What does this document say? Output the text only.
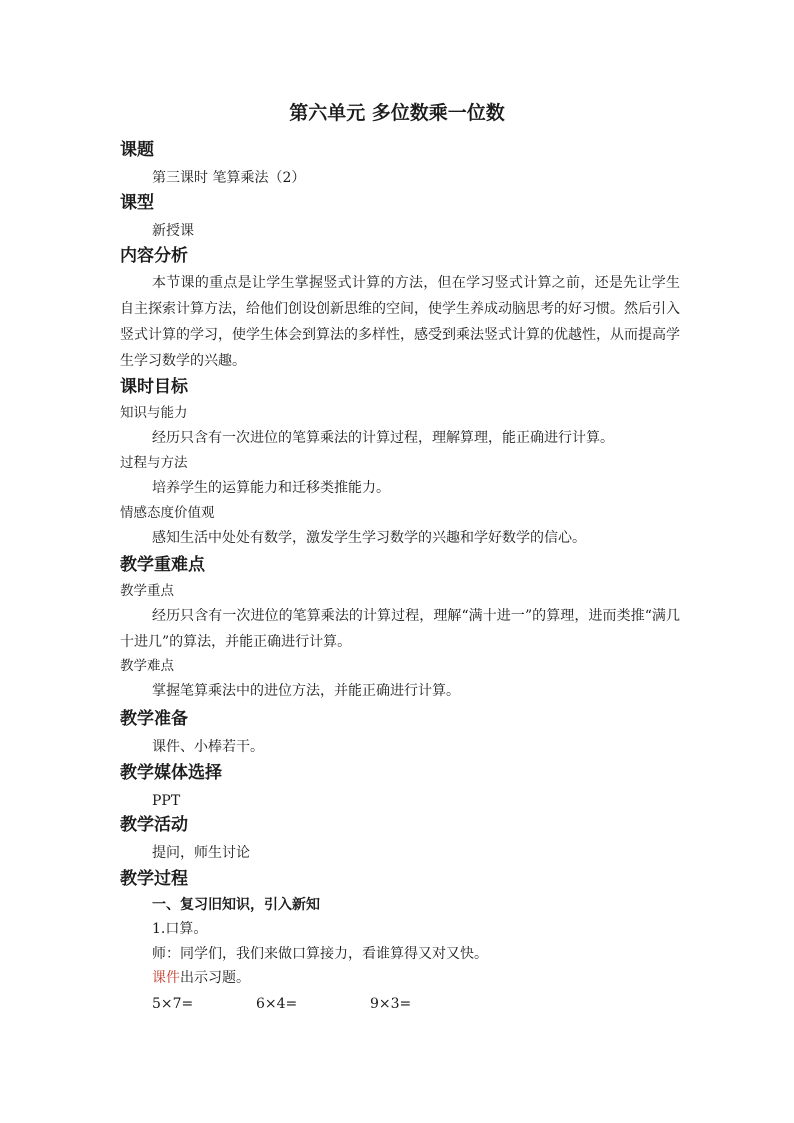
第六单元 多位数乘一位数
课题
第三课时 笔算乘法（2）
课型
新授课
内容分析
本节课的重点是让学生掌握竖式计算的方法，但在学习竖式计算之前，还是先让学生自主探索计算方法，给他们创设创新思维的空间，使学生养成动脑思考的好习惯。然后引入竖式计算的学习，使学生体会到算法的多样性，感受到乘法竖式计算的优越性，从而提高学生学习数学的兴趣。
课时目标
知识与能力
经历只含有一次进位的笔算乘法的计算过程，理解算理，能正确进行计算。
过程与方法
培养学生的运算能力和迁移类推能力。
情感态度价值观
感知生活中处处有数学，激发学生学习数学的兴趣和学好数学的信心。
教学重难点
教学重点
经历只含有一次进位的笔算乘法的计算过程，理解“满十进一”的算理，进而类推“满几十进几”的算法，并能正确进行计算。
教学难点
掌握笔算乘法中的进位方法，并能正确进行计算。
教学准备
课件、小棒若干。
教学媒体选择
PPT
教学活动
提问，师生讨论
教学过程
一、复习旧知识，引入新知
1.口算。
师：同学们，我们来做口算接力，看谁算得又对又快。
课件出示习题。
5×7=	6×4=	9×3=
